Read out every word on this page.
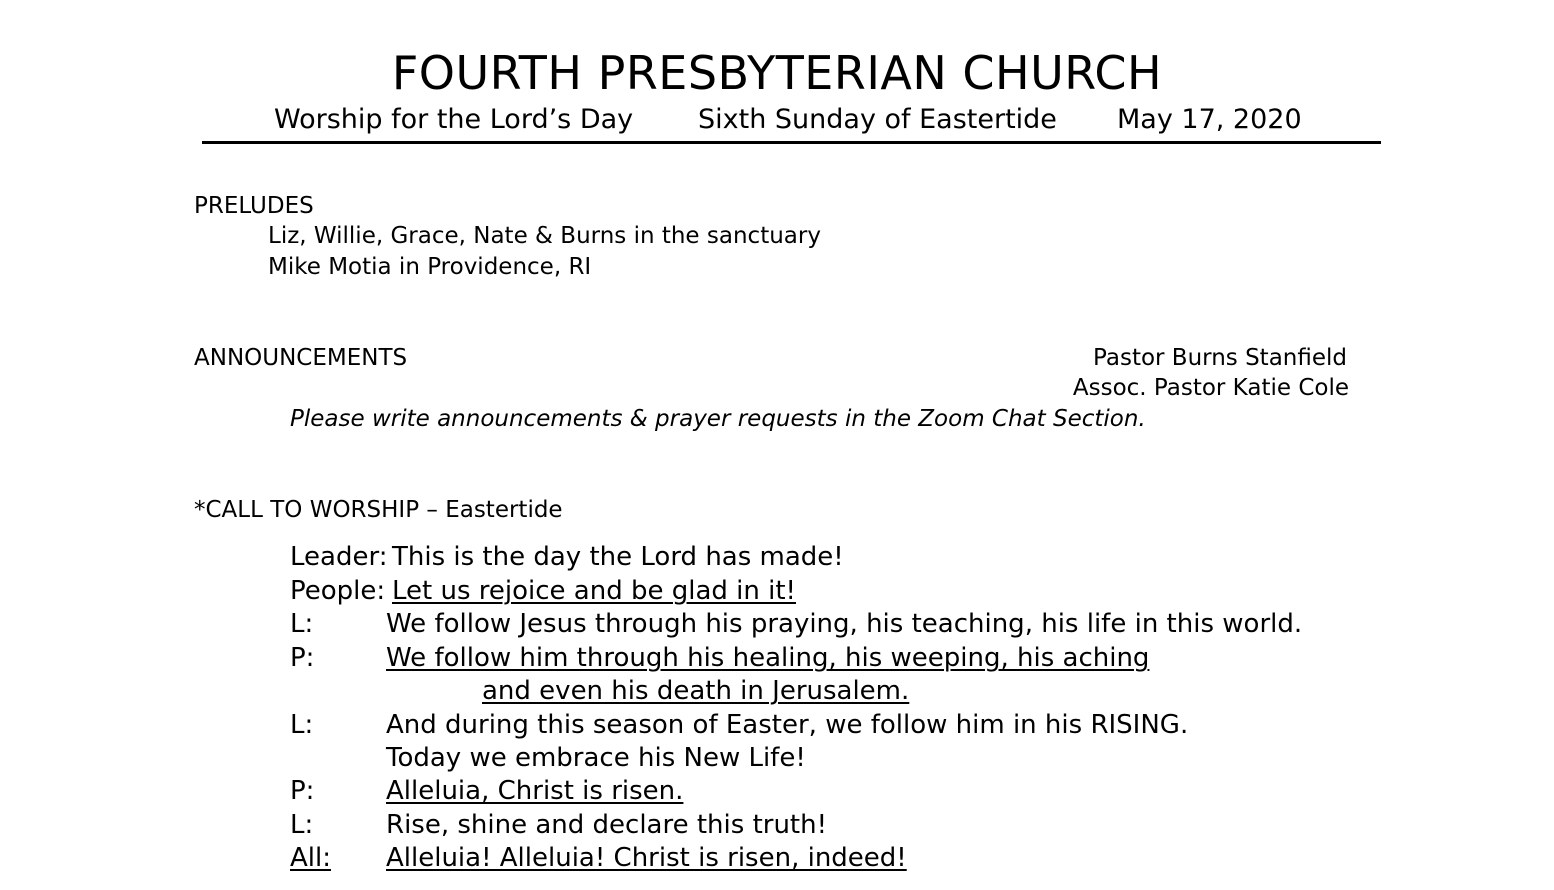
FOURTH PRESBYTERIAN CHURCH
Worship for the Lord’s Day Sixth Sunday of Eastertide May 17, 2020
PRELUDES
Liz, Willie, Grace, Nate & Burns in the sanctuary
Mike Motia in Providence, RI
ANNOUNCEMENTS	Pastor Burns Stanfield
Assoc. Pastor Katie Cole
Please write announcements & prayer requests in the Zoom Chat Section.
*CALL TO WORSHIP – Eastertide
Leader: This is the day the Lord has made!
People: Let us rejoice and be glad in it!
L:	We follow Jesus through his praying, his teaching, his life in this world.
P:	We follow him through his healing, his weeping, his aching
and even his death in Jerusalem.
L:	And during this season of Easter, we follow him in his RISING.
Today we embrace his New Life!
P:	Alleluia, Christ is risen.
L:	Rise, shine and declare this truth!
All: Alleluia! Alleluia! Christ is risen, indeed!
